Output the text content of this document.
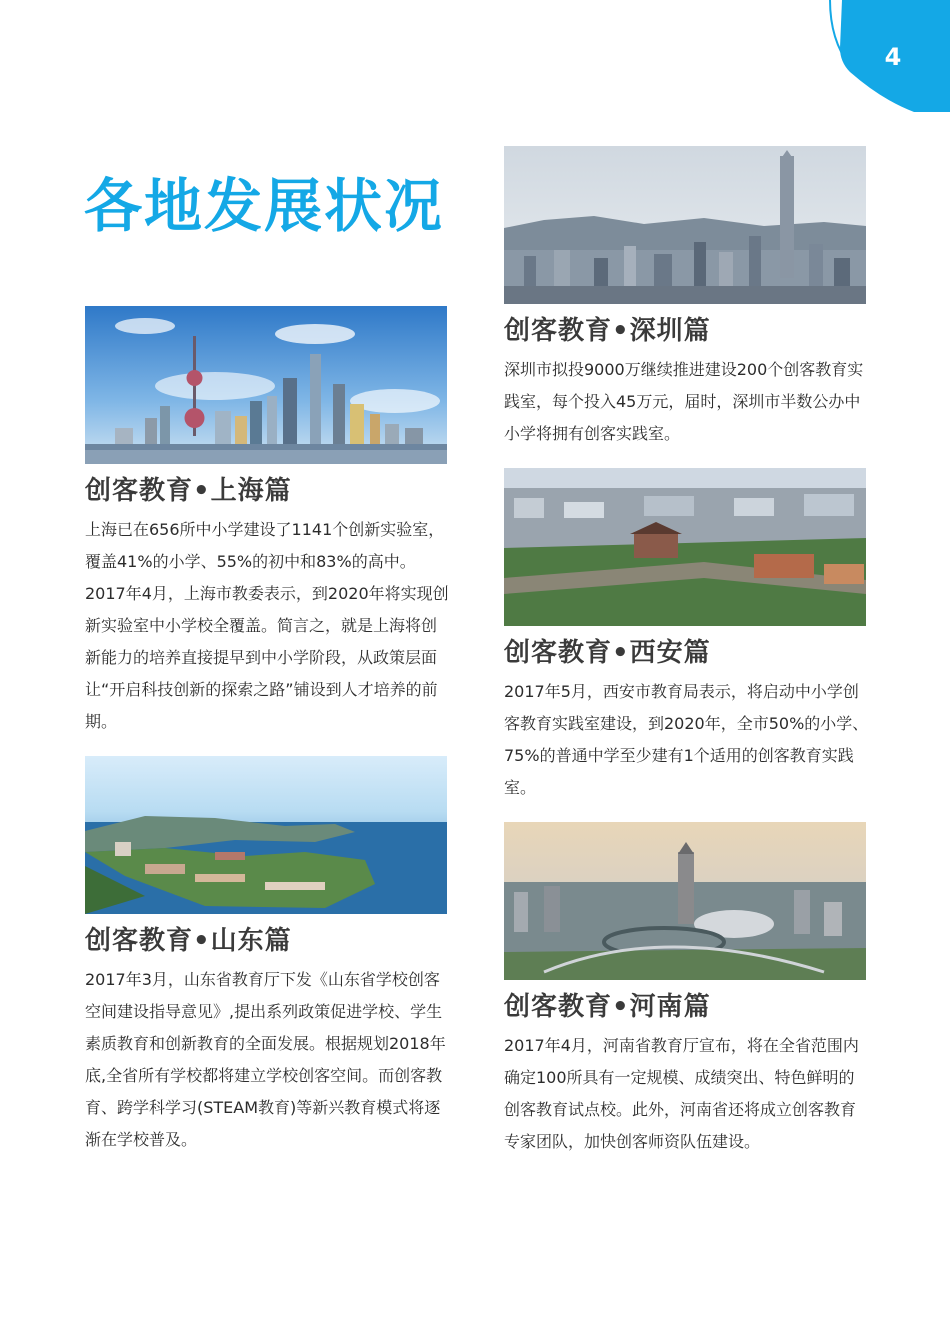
4
各地发展状况
创客教育•上海篇

上海已在656所中小学建设了1141个创新实验室，覆盖41%的小学、55%的初中和83%的高中。2017年4月，上海市教委表示，到2020年将实现创新实验室中小学校全覆盖。简言之，就是上海将创新能力的培养直接提早到中小学阶段，从政策层面让“开启科技创新的探索之路”铺设到人才培养的前期。

创客教育•山东篇

2017年3月，山东省教育厅下发《山东省学校创客空间建设指导意见》,提出系列政策促进学校、学生素质教育和创新教育的全面发展。根据规划2018年底,全省所有学校都将建立学校创客空间。而创客教育、跨学科学习(STEAM教育)等新兴教育模式将逐渐在学校普及。

创客教育•深圳篇

深圳市拟投9000万继续推进建设200个创客教育实践室，每个投入45万元，届时，深圳市半数公办中小学将拥有创客实践室。

创客教育•西安篇

2017年5月，西安市教育局表示，将启动中小学创客教育实践室建设，到2020年，全市50%的小学、75%的普通中学至少建有1个适用的创客教育实践室。

创客教育•河南篇

2017年4月，河南省教育厅宣布，将在全省范围内确定100所具有一定规模、成绩突出、特色鲜明的创客教育试点校。此外，河南省还将成立创客教育专家团队，加快创客师资队伍建设。
